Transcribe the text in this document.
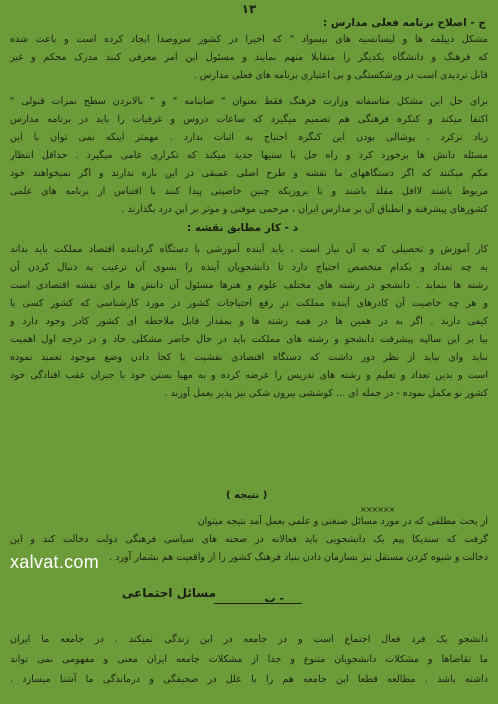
۱۳
ج - اصلاح برنامه فعلی مدارس :
مشکل دیپلمه ها و لیسانسیه های بیسواد " که اخیرا در کشور سروصدا ایجاد کرده است و باعث شده
که فرهنگ و دانشگاه یکدیگر را متقابلا متهم نمایند و مسئول این امر معرفی کنند مدرک محکم و غیر
قابل تردیدی است در ورشکستگی و بی اعتباری برنامه های فعلی مدارس .
برای حل این مشکل متاسفانه وزارت فرهنگ فقط بعنوان " صاینامه " و " بالابردن سطح نمرات قبولی "
اکتفا میکند و کنکره فرهنگی هم تصمیم میگیرد که ساعات دروس و غرفیات را باید در برنامه مدارس
زیاد ترکرد . پوشالی بودن این کنگره احتیاج به اثبات ندارد . مهمتر اینکه نمی توان با این
مسئله دانش ها برخورد کرد و راه حل با ستیها جدید میکند که تکراری عامی میگیرد . حداقل انتظار
مکم میکنند که اگر دستگاههای ما نقشه و طرح اصلی عمیقی در این باره ندارند و اگر نمیخواهند خود
مربوط باشند لااقل مقلد باشند و تا بروزیکه چنین خاصیتی پیدا کنند با اقتباس از برنامه های علمی
کشورهای پیشرفته و انطباق آن بر مدارس ایران ، مرحمی موقتی و موثر بر این درد بگذارند .
د - کار مطابق نقشه :
کار آموزش و تحصیلی که به آن نیاز است ، باید آینده آموزشی با دستگاه گرداننده اقتصاد مملکت باید بداند
به چه تعداد و بکدام متخصص احتیاج دارد تا دانشجویان آینده را بسوی آن ترغیب به دنبال کردن آن
رشته ها بنماید . دانشجو در رشته های مختلف علوم و هنرها مسئول آن دانش ها برای نقشه اقتصادی است
و هر چه خاصیت آن کادرهای آینده مملکت در رفع احتیاجات کشور در مورد کارشناسی که کشور کسی یا
کیفی دارند . اگر به در همین ها در همه رشته ها و بمقدار قابل ملاحظه ای کشور کادر وجود دارد و
بیا بر این سالیه پیشرفت دانشجو و رشته های مملکت باید در حال حاضر مشکلی حاد و در درجه اول اهمیت
نباید وای نیاید از نظر دور داشت که دستگاه اقتصادی نقشیت یا کجا دادن وضع موجود تعمید نموده
است و بدین تعداد و تعلیم و رشته های تدریس را عرضه کرده و به مهیا بستن خود با جبران عقب افتادگی خود
کشور نو مکمل نموده - در جمله ای ... کوششی بیرون شکی نیز پذیر بعمل آورند .
( نتیجه )
××××××
از بحث مطلقی که در مورد مسائل صنعتی و علمی بعمل آمد نتیجه میتوان
گرفت که سندیکا پیم یک دانشجویی باید فعالانه در صحنه های سیاسی فرهنگی دولت دخالت کند و این
دخالت و شیوه کردن مستقل نیز بسازمان دادن بنیاد فرهنگ کشور را از واقعیت هم بشمار آورد .
xalvat.com
ب -
مسائل اجتماعی
دانشجو یک فرد فعال اجتماع است و در جامعه در این زندگی نمیکند . در جامعه ما ایران
ما تقاضاها و مشکلات دانشجویان متنوع و جدا از مشکلات جامعه ایران معنی و مفهومی نمی تواند
داشته باشد . مطالعه قطعا این جامعه هم را با علل در صحیفگی و درماندگی ما آشنا میسازد .
